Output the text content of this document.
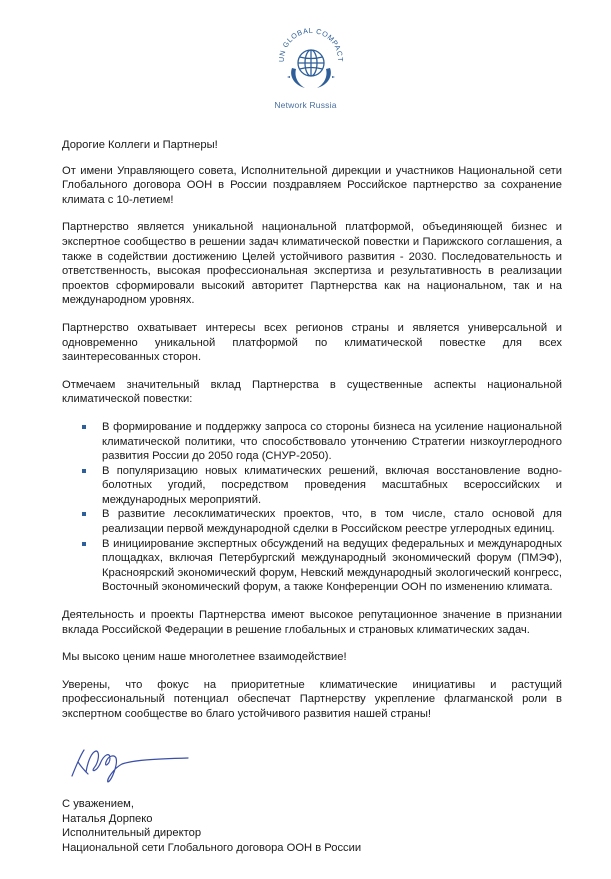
UN GLOBAL COMPACT
Network Russia

Дорогие Коллеги и Партнеры!

От имени Управляющего совета, Исполнительной дирекции и участников Национальной сети Глобального договора ООН в России поздравляем Российское партнерство за сохранение климата с 10-летием!

Партнерство является уникальной национальной платформой, объединяющей бизнес и экспертное сообщество в решении задач климатической повестки и Парижского соглашения, а также в содействии достижению Целей устойчивого развития - 2030. Последовательность и ответственность, высокая профессиональная экспертиза и результативность в реализации проектов сформировали высокий авторитет Партнерства как на национальном, так и на международном уровнях.

Партнерство охватывает интересы всех регионов страны и является универсальной и одновременно уникальной платформой по климатической повестке для всех заинтересованных сторон.

Отмечаем значительный вклад Партнерства в существенные аспекты национальной климатической повестки:

В формирование и поддержку запроса со стороны бизнеса на усиление национальной климатической политики, что способствовало утончению Стратегии низкоуглеродного развития России до 2050 года (СНУР-2050).
В популяризацию новых климатических решений, включая восстановление водно-болотных угодий, посредством проведения масштабных всероссийских и международных мероприятий.
В развитие лесоклиматических проектов, что, в том числе, стало основой для реализации первой международной сделки в Российском реестре углеродных единиц.
В инициирование экспертных обсуждений на ведущих федеральных и международных площадках, включая Петербургский международный экономический форум (ПМЭФ), Красноярский экономический форум, Невский международный экологический конгресс, Восточный экономический форум, а также Конференции ООН по изменению климата.

Деятельность и проекты Партнерства имеют высокое репутационное значение в признании вклада Российской Федерации в решение глобальных и страновых климатических задач.

Мы высоко ценим наше многолетнее взаимодействие!

Уверены, что фокус на приоритетные климатические инициативы и растущий профессиональный потенциал обеспечат Партнерству укрепление флагманской роли в экспертном сообществе во благо устойчивого развития нашей страны!

С уважением,

Наталья Дорпеко

Исполнительный директор

Национальной сети Глобального договора ООН в России
